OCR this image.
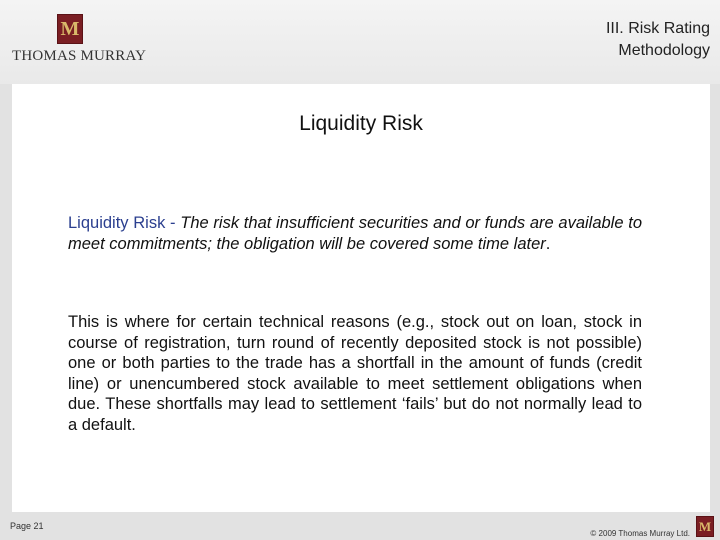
M
THOMAS MURRAY
III. Risk Rating
Methodology
Liquidity Risk

Liquidity Risk - The risk that insufficient securities and or funds are available to meet commitments; the obligation will be covered some time later.

This is where for certain technical reasons (e.g., stock out on loan, stock in course of registration, turn round of recently deposited stock is not possible) one or both parties to the trade has a shortfall in the amount of funds (credit line) or unencumbered stock available to meet settlement obligations when due. These shortfalls may lead to settlement ‘fails’ but do not normally lead to a default.

Page 21
© 2009 Thomas Murray Ltd. M
